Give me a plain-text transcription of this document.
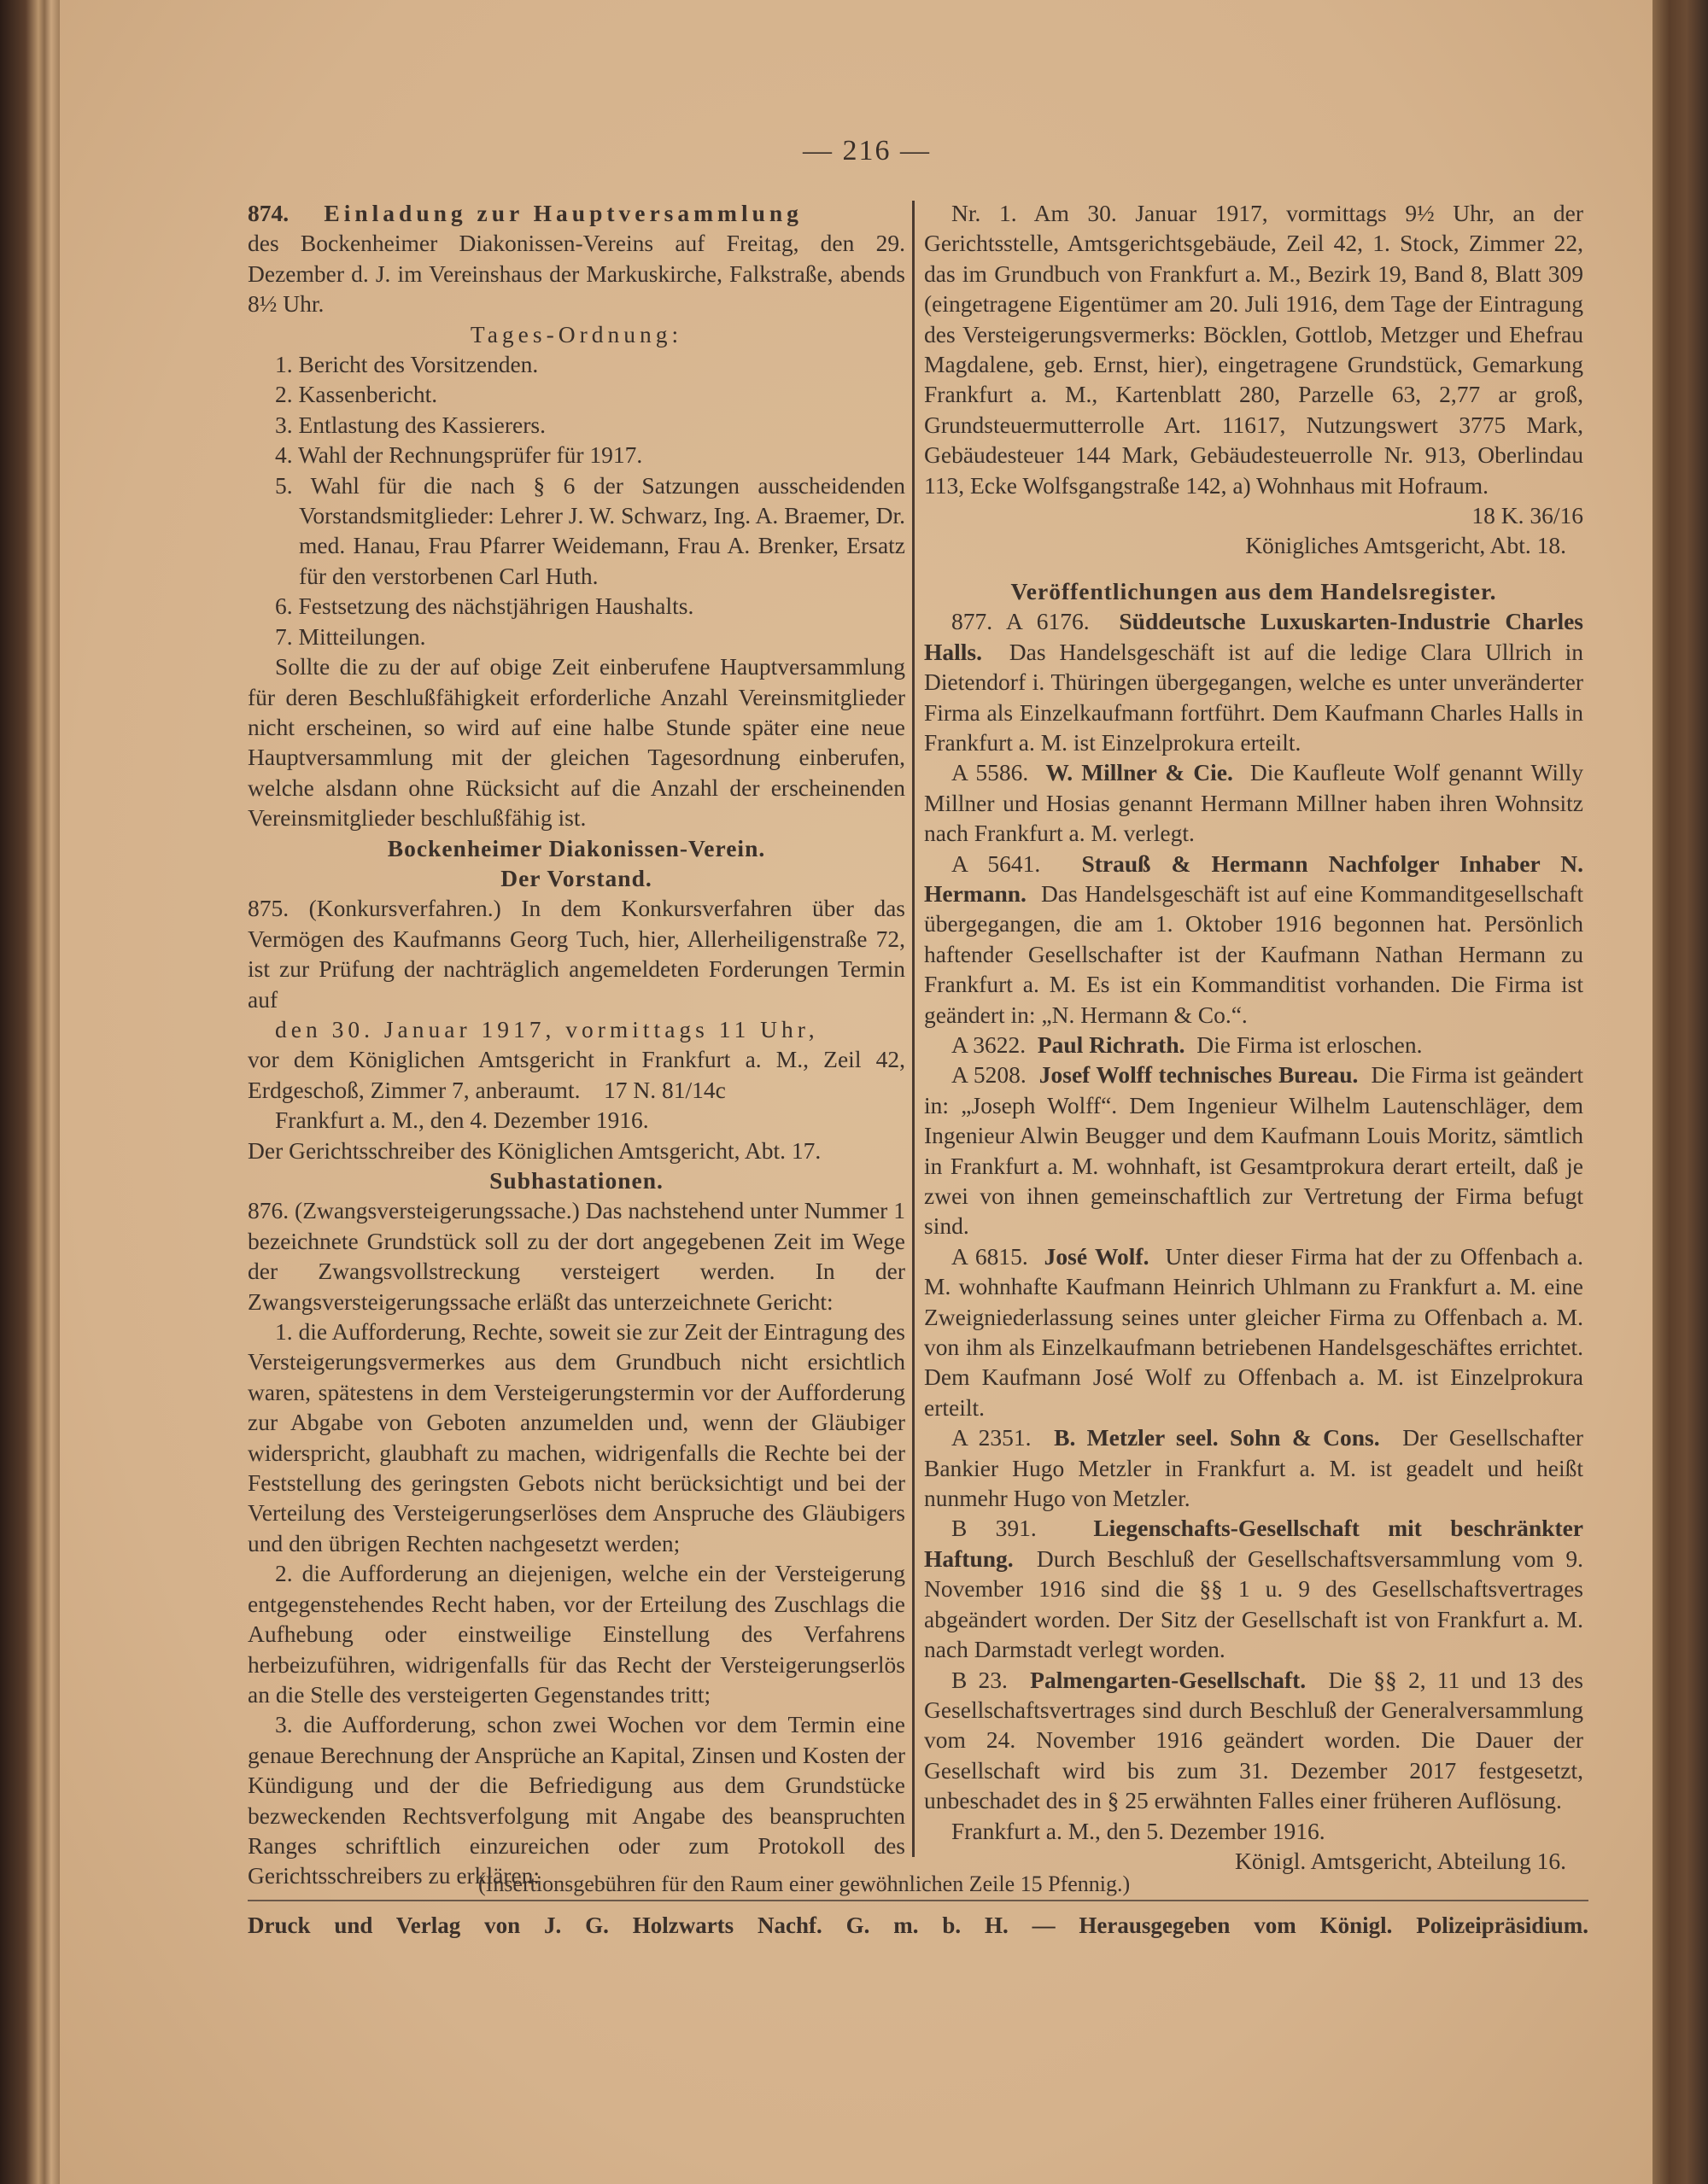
— 216 —

874. Einladung zur Hauptversammlung

des Bockenheimer Diakonissen-Vereins auf Freitag, den 29. Dezember d. J. im Vereinshaus der Markuskirche, Falkstraße, abends 8½ Uhr.

Tages-Ordnung:

1. Bericht des Vorsitzenden.

2. Kassenbericht.

3. Entlastung des Kassierers.

4. Wahl der Rechnungsprüfer für 1917.

5. Wahl für die nach § 6 der Satzungen ausscheidenden Vorstandsmitglieder: Lehrer J. W. Schwarz, Ing. A. Braemer, Dr. med. Hanau, Frau Pfarrer Weidemann, Frau A. Brenker, Ersatz für den verstorbenen Carl Huth.

6. Festsetzung des nächstjährigen Haushalts.

7. Mitteilungen.

Sollte die zu der auf obige Zeit einberufene Hauptversammlung für deren Beschlußfähigkeit erforderliche Anzahl Vereinsmitglieder nicht erscheinen, so wird auf eine halbe Stunde später eine neue Hauptversammlung mit der gleichen Tagesordnung einberufen, welche alsdann ohne Rücksicht auf die Anzahl der erscheinenden Vereinsmitglieder beschlußfähig ist.

Bockenheimer Diakonissen-Verein.

Der Vorstand.

875. (Konkursverfahren.) In dem Konkursverfahren über das Vermögen des Kaufmanns Georg Tuch, hier, Allerheiligenstraße 72, ist zur Prüfung der nachträglich angemeldeten Forderungen Termin auf

den 30. Januar 1917, vormittags 11 Uhr,

vor dem Königlichen Amtsgericht in Frankfurt a. M., Zeil 42, Erdgeschoß, Zimmer 7, anberaumt. 17 N. 81/14c

Frankfurt a. M., den 4. Dezember 1916.

Der Gerichtsschreiber des Königlichen Amtsgericht, Abt. 17.

Subhastationen.

876. (Zwangsversteigerungssache.) Das nachstehend unter Nummer 1 bezeichnete Grundstück soll zu der dort angegebenen Zeit im Wege der Zwangsvollstreckung versteigert werden. In der Zwangsversteigerungssache erläßt das unterzeichnete Gericht:

1. die Aufforderung, Rechte, soweit sie zur Zeit der Eintragung des Versteigerungsvermerkes aus dem Grundbuch nicht ersichtlich waren, spätestens in dem Versteigerungstermin vor der Aufforderung zur Abgabe von Geboten anzumelden und, wenn der Gläubiger widerspricht, glaubhaft zu machen, widrigenfalls die Rechte bei der Feststellung des geringsten Gebots nicht berücksichtigt und bei der Verteilung des Versteigerungserlöses dem Anspruche des Gläubigers und den übrigen Rechten nachgesetzt werden;

2. die Aufforderung an diejenigen, welche ein der Versteigerung entgegenstehendes Recht haben, vor der Erteilung des Zuschlags die Aufhebung oder einstweilige Einstellung des Verfahrens herbeizuführen, widrigenfalls für das Recht der Versteigerungserlös an die Stelle des versteigerten Gegenstandes tritt;

3. die Aufforderung, schon zwei Wochen vor dem Termin eine genaue Berechnung der Ansprüche an Kapital, Zinsen und Kosten der Kündigung und der die Befriedigung aus dem Grundstücke bezweckenden Rechtsverfolgung mit Angabe des beanspruchten Ranges schriftlich einzureichen oder zum Protokoll des Gerichtsschreibers zu erklären:

Nr. 1. Am 30. Januar 1917, vormittags 9½ Uhr, an der Gerichtsstelle, Amtsgerichtsgebäude, Zeil 42, 1. Stock, Zimmer 22, das im Grundbuch von Frankfurt a. M., Bezirk 19, Band 8, Blatt 309 (eingetragene Eigentümer am 20. Juli 1916, dem Tage der Eintragung des Versteigerungsvermerks: Böcklen, Gottlob, Metzger und Ehefrau Magdalene, geb. Ernst, hier), eingetragene Grundstück, Gemarkung Frankfurt a. M., Kartenblatt 280, Parzelle 63, 2,77 ar groß, Grundsteuermutterrolle Art. 11617, Nutzungswert 3775 Mark, Gebäudesteuer 144 Mark, Gebäudesteuerrolle Nr. 913, Oberlindau 113, Ecke Wolfsgangstraße 142, a) Wohnhaus mit Hofraum.

18 K. 36/16

Königliches Amtsgericht, Abt. 18.

Veröffentlichungen aus dem Handelsregister.

877. A 6176. Süddeutsche Luxuskarten-Industrie Charles Halls. Das Handelsgeschäft ist auf die ledige Clara Ullrich in Dietendorf i. Thüringen übergegangen, welche es unter unveränderter Firma als Einzelkaufmann fortführt. Dem Kaufmann Charles Halls in Frankfurt a. M. ist Einzelprokura erteilt.

A 5586. W. Millner & Cie. Die Kaufleute Wolf genannt Willy Millner und Hosias genannt Hermann Millner haben ihren Wohnsitz nach Frankfurt a. M. verlegt.

A 5641. Strauß & Hermann Nachfolger Inhaber N. Hermann. Das Handelsgeschäft ist auf eine Kommanditgesellschaft übergegangen, die am 1. Oktober 1916 begonnen hat. Persönlich haftender Gesellschafter ist der Kaufmann Nathan Hermann zu Frankfurt a. M. Es ist ein Kommanditist vorhanden. Die Firma ist geändert in: „N. Hermann & Co.“.

A 3622. Paul Richrath. Die Firma ist erloschen.

A 5208. Josef Wolff technisches Bureau. Die Firma ist geändert in: „Joseph Wolff“. Dem Ingenieur Wilhelm Lautenschläger, dem Ingenieur Alwin Beugger und dem Kaufmann Louis Moritz, sämtlich in Frankfurt a. M. wohnhaft, ist Gesamtprokura derart erteilt, daß je zwei von ihnen gemeinschaftlich zur Vertretung der Firma befugt sind.

A 6815. José Wolf. Unter dieser Firma hat der zu Offenbach a. M. wohnhafte Kaufmann Heinrich Uhlmann zu Frankfurt a. M. eine Zweigniederlassung seines unter gleicher Firma zu Offenbach a. M. von ihm als Einzelkaufmann betriebenen Handelsgeschäftes errichtet. Dem Kaufmann José Wolf zu Offenbach a. M. ist Einzelprokura erteilt.

A 2351. B. Metzler seel. Sohn & Cons. Der Gesellschafter Bankier Hugo Metzler in Frankfurt a. M. ist geadelt und heißt nunmehr Hugo von Metzler.

B 391. Liegenschafts-Gesellschaft mit beschränkter Haftung. Durch Beschluß der Gesellschaftsversammlung vom 9. November 1916 sind die §§ 1 u. 9 des Gesellschaftsvertrages abgeändert worden. Der Sitz der Gesellschaft ist von Frankfurt a. M. nach Darmstadt verlegt worden.

B 23. Palmengarten-Gesellschaft. Die §§ 2, 11 und 13 des Gesellschaftsvertrages sind durch Beschluß der Generalversammlung vom 24. November 1916 geändert worden. Die Dauer der Gesellschaft wird bis zum 31. Dezember 2017 festgesetzt, unbeschadet des in § 25 erwähnten Falles einer früheren Auflösung.

Frankfurt a. M., den 5. Dezember 1916.

Königl. Amtsgericht, Abteilung 16.

(Insertionsgebühren für den Raum einer gewöhnlichen Zeile 15 Pfennig.)
Druck und Verlag von J. G. Holzwarts Nachf. G. m. b. H. — Herausgegeben vom Königl. Polizeipräsidium.
